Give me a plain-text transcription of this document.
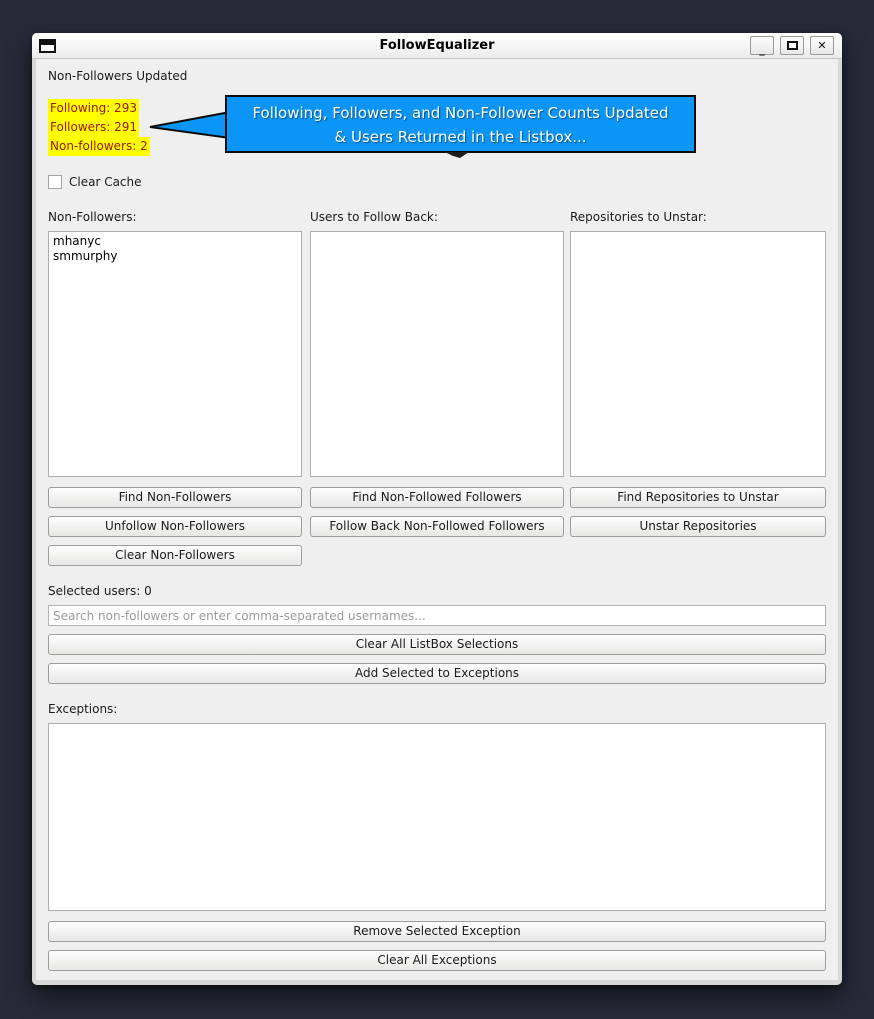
FollowEqualizer	_	✕
Non-Followers Updated
Following: 293
Followers: 291
Non-followers: 2
Following, Followers, and Non-Follower Counts Updated
& Users Returned in the Listbox...
Clear Cache
Non-Followers:	Users to Follow Back:	Repositories to Unstar:
mhanyc
smmurphy
Find Non-Followers
Unfollow Non-Followers
Clear Non-Followers
Find Non-Followed Followers
Follow Back Non-Followed Followers
Find Repositories to Unstar
Unstar Repositories
Selected users: 0
Search non-followers or enter comma-separated usernames...
Clear All ListBox Selections
Add Selected to Exceptions
Exceptions:
Remove Selected Exception
Clear All Exceptions
